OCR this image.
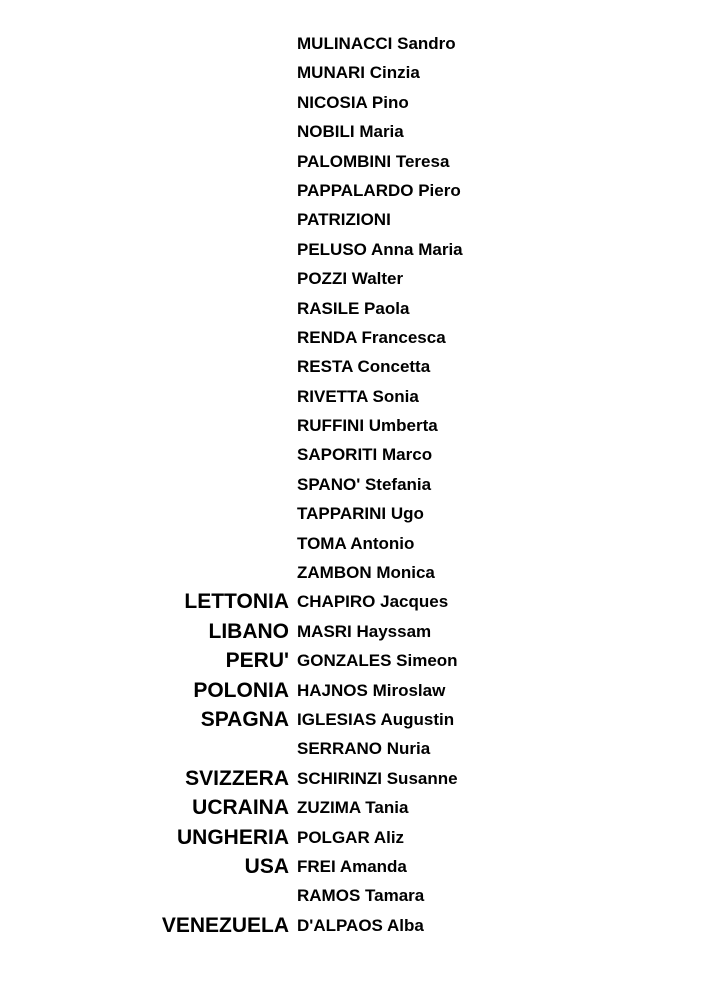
MULINACCI Sandro
MUNARI Cinzia
NICOSIA Pino
NOBILI Maria
PALOMBINI Teresa
PAPPALARDO Piero
PATRIZIONI
PELUSO Anna Maria
POZZI Walter
RASILE Paola
RENDA Francesca
RESTA Concetta
RIVETTA Sonia
RUFFINI Umberta
SAPORITI Marco
SPANO' Stefania
TAPPARINI Ugo
TOMA Antonio
ZAMBON Monica
LETTONIA CHAPIRO Jacques
LIBANO MASRI Hayssam
PERU' GONZALES Simeon
POLONIA HAJNOS Miroslaw
SPAGNA IGLESIAS Augustin
SERRANO Nuria
SVIZZERA SCHIRINZI Susanne
UCRAINA ZUZIMA Tania
UNGHERIA POLGAR Aliz
USA FREI Amanda
RAMOS Tamara
VENEZUELA D'ALPAOS Alba
